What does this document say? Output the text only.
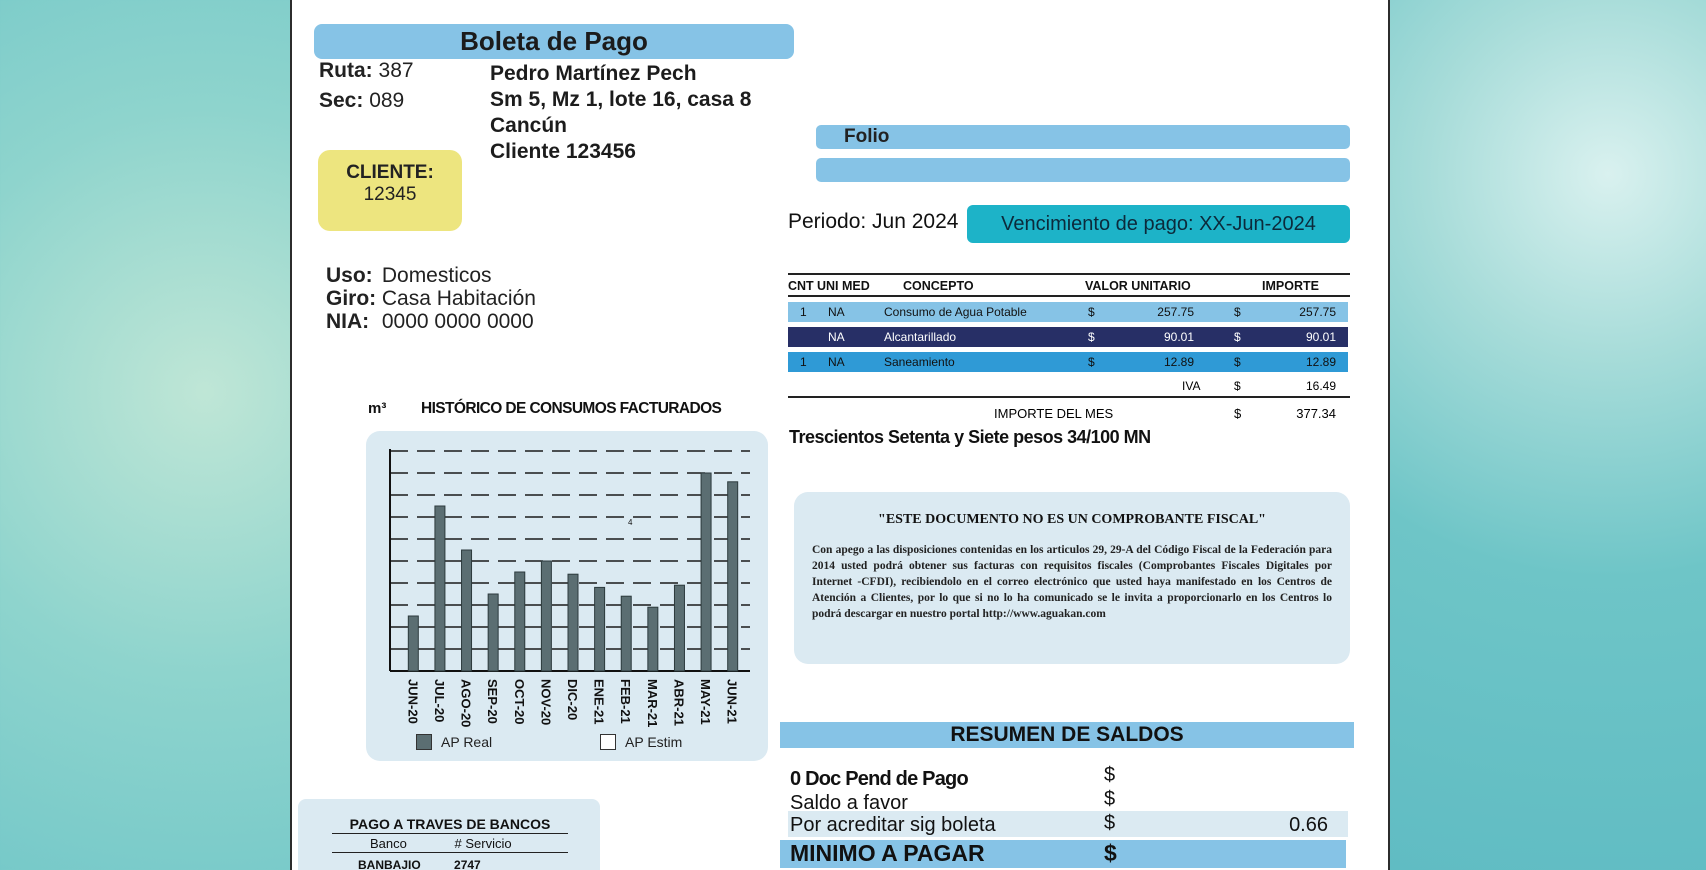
Boleta de Pago
Ruta: 387
Sec: 089
Pedro Martínez Pech
Sm 5, Mz 1, lote 16, casa 8
Cancún
Cliente 123456
CLIENTE:
12345
Folio
Periodo: Jun 2024	Vencimiento de pago: XX-Jun-2024
Uso: Domesticos
Giro: Casa Habitación
NIA: 0000 0000 0000
CNT	UNI MED	CONCEPTO	VALOR UNITARIO	IMPORTE
1 NA	Consumo de Agua Potable	$	257.75	$	257.75
NA	Alcantarillado	$	90.01	$	90.01
1 NA	Saneamiento	$	12.89	$	12.89
IVA	$	16.49
IMPORTE DEL MES	$	377.34
Trescientos Setenta y Siete pesos 34/100 MN
"ESTE DOCUMENTO NO ES UN COMPROBANTE FISCAL"
Con apego a las disposiciones contenidas en los articulos 29, 29-A del Código Fiscal de la Federación para 2014 usted podrá obtener sus facturas con requisitos fiscales (Comprobantes Fiscales Digitales por Internet -CFDI), recibiendolo en el correo electrónico que usted haya manifestado en los Centros de Atención a Clientes, por lo que si no lo ha comunicado se le invita a proporcionarlo en los Centros lo podrá descargar en nuestro portal http://www.aguakan.com
m³ HISTÓRICO DE CONSUMOS FACTURADOS
JUN-20 JUL-20 AGO-20 SEP-20 OCT-20 NOV-20 DIC-20 ENE-21 FEB-21 MAR-21 ABR-21 MAY-21 JUN-21
4
AP Real	AP Estim	RESUMEN DE SALDOS
0 Doc Pend de Pago	$
Saldo a favor	$
Por acreditar sig boleta	$	0.66
MINIMO A PAGAR	$
PAGO A TRAVES DE BANCOS
Banco	# Servicio
BANBAJIO	2747
